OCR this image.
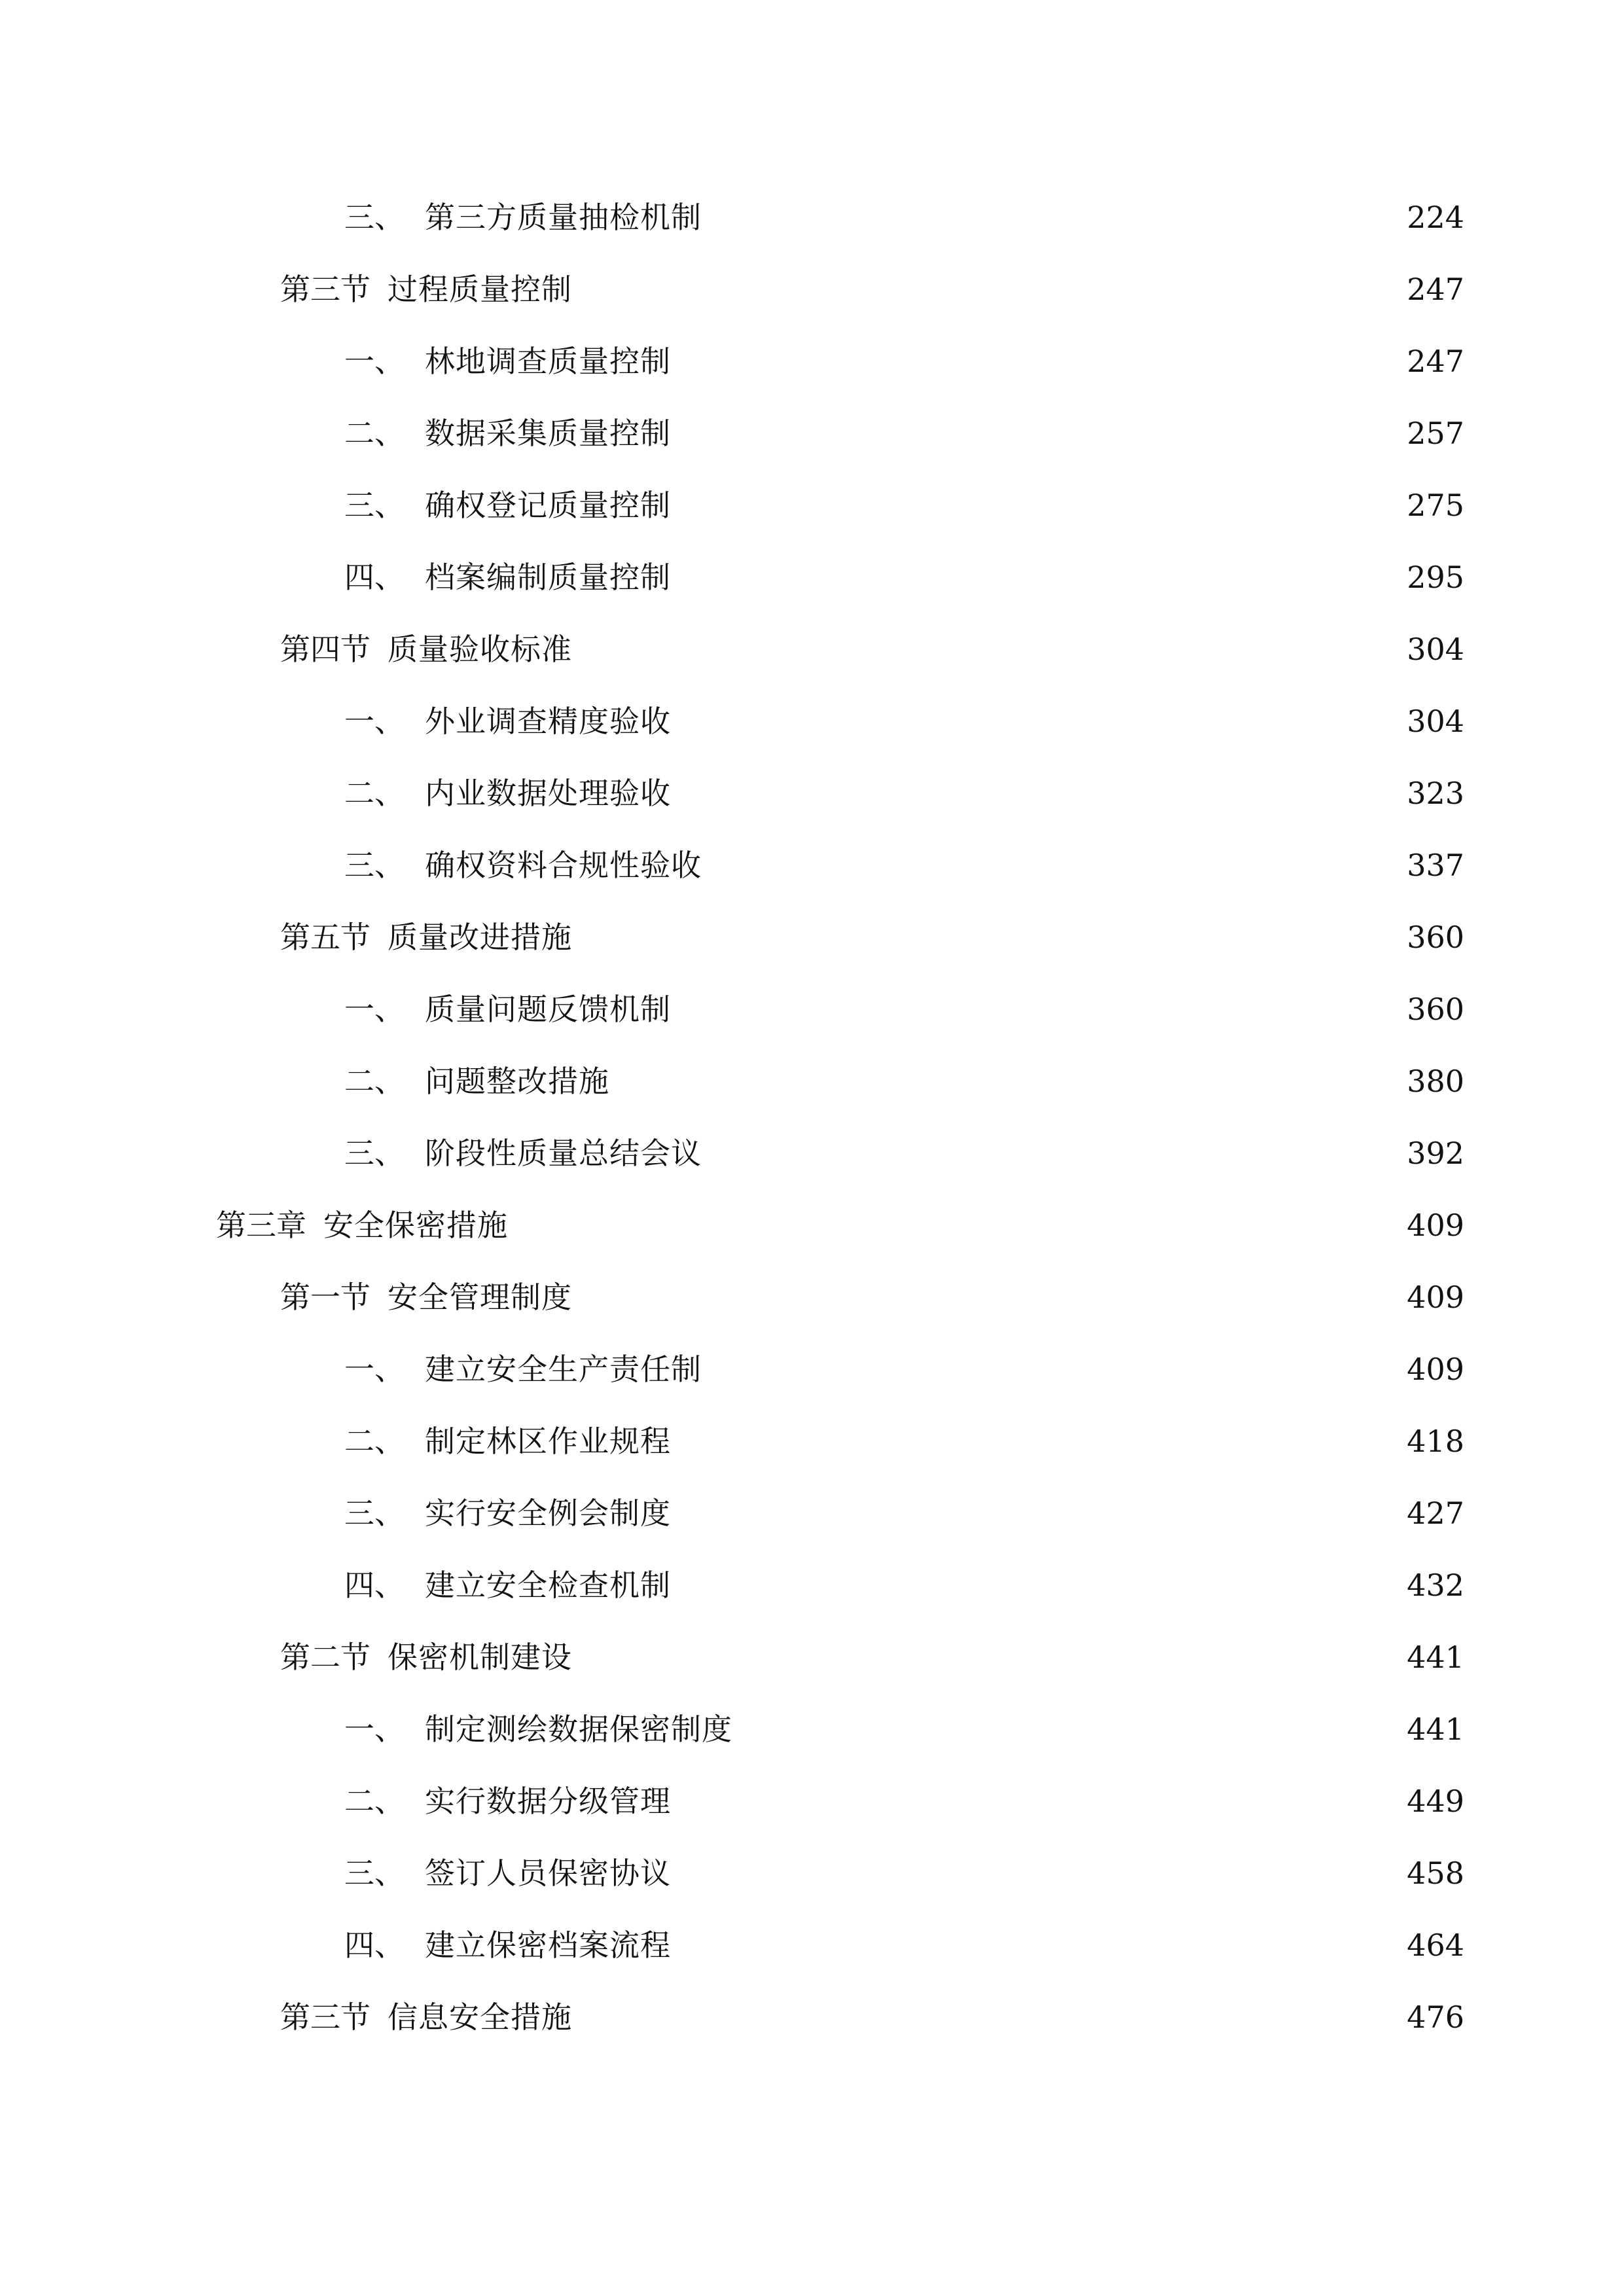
三、 第三方质量抽检机制	224
第三节 过程质量控制	247
一、 林地调查质量控制	247
二、 数据采集质量控制	257
三、 确权登记质量控制	275
四、 档案编制质量控制	295
第四节 质量验收标准	304
一、 外业调查精度验收	304
二、 内业数据处理验收	323
三、 确权资料合规性验收	337
第五节 质量改进措施	360
一、 质量问题反馈机制	360
二、 问题整改措施	380
三、 阶段性质量总结会议	392
第三章 安全保密措施	409
第一节 安全管理制度	409
一、 建立安全生产责任制	409
二、 制定林区作业规程	418
三、 实行安全例会制度	427
四、 建立安全检查机制	432
第二节 保密机制建设	441
一、 制定测绘数据保密制度	441
二、 实行数据分级管理	449
三、 签订人员保密协议	458
四、 建立保密档案流程	464
第三节 信息安全措施	476
